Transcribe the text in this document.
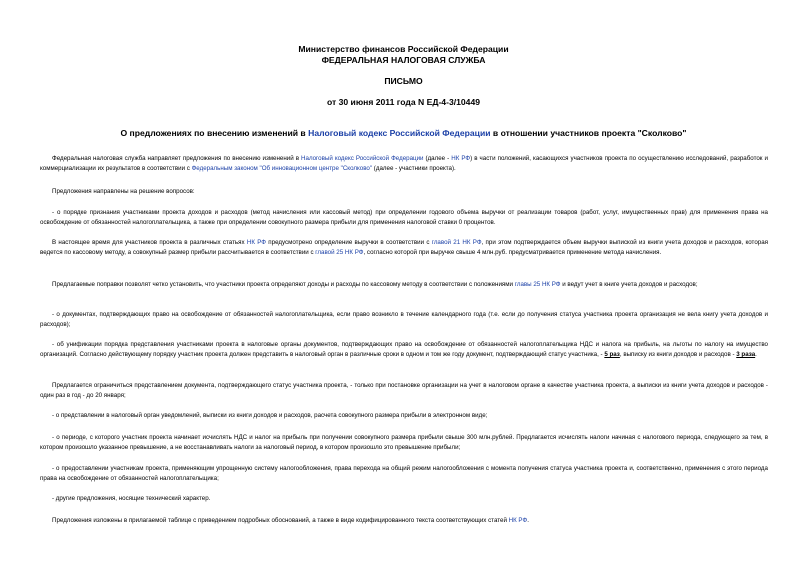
Министерство финансов Российской Федерации
ФЕДЕРАЛЬНАЯ НАЛОГОВАЯ СЛУЖБА
ПИСЬМО
от 30 июня 2011 года N ЕД-4-3/10449
О предложениях по внесению изменений в Налоговый кодекс Российской Федерации в отношении участников проекта "Сколково"
Федеральная налоговая служба направляет предложения по внесению изменений в Налоговый кодекс Российской Федерации (далее - НК РФ) в части положений, касающихся участников проекта по осуществлению исследований, разработок и коммерциализации их результатов в соответствии с Федеральным законом "Об инновационном центре "Сколково" (далее - участники проекта).
Предложения направлены на решение вопросов:
- о порядке признания участниками проекта доходов и расходов (метод начисления или кассовый метод) при определении годового объема выручки от реализации товаров (работ, услуг, имущественных прав) для применения права на освобождение от обязанностей налогоплательщика, а также при определении совокупного размера прибыли для применения налоговой ставки 0 процентов.
В настоящее время для участников проекта в различных статьях НК РФ предусмотрено определение выручки в соответствии с главой 21 НК РФ, при этом подтверждается объем выручки выпиской из книги учета доходов и расходов, которая ведется по кассовому методу, а совокупный размер прибыли рассчитывается в соответствии с главой 25 НК РФ, согласно которой при выручке свыше 4 млн.руб. предусматривается применение метода начисления.
Предлагаемые поправки позволят четко установить, что участники проекта определяют доходы и расходы по кассовому методу в соответствии с положениями главы 25 НК РФ и ведут учет в книге учета доходов и расходов;
- о документах, подтверждающих право на освобождение от обязанностей налогоплательщика, если право возникло в течение календарного года (т.е. если до получения статуса участника проекта организация не вела книгу учета доходов и расходов);
- об унификации порядка представления участниками проекта в налоговые органы документов, подтверждающих право на освобождение от обязанностей налогоплательщика НДС и налога на прибыль, на льготы по налогу на имущество организаций. Согласно действующему порядку участник проекта должен представить в налоговый орган в различные сроки в одном и том же году документ, подтверждающий статус участника, - 5 раз, выписку из книги доходов и расходов - 3 раза.
Предлагается ограничиться представлением документа, подтверждающего статус участника проекта, - только при постановке организации на учет в налоговом органе в качестве участника проекта, а выписки из книги учета доходов и расходов - один раз в год - до 20 января;
- о представлении в налоговый орган уведомлений, выписки из книги доходов и расходов, расчета совокупного размера прибыли в электронном виде;
- о периоде, с которого участник проекта начинает исчислять НДС и налог на прибыль при получении совокупного размера прибыли свыше 300 млн.рублей. Предлагается исчислять налоги начиная с налогового периода, следующего за тем, в котором произошло указанное превышение, а не восстанавливать налоги за налоговый период, в котором произошло это превышение прибыли;
- о предоставлении участникам проекта, применяющим упрощенную систему налогообложения, права перехода на общий режим налогообложения с момента получения статуса участника проекта и, соответственно, применения с этого периода права на освобождение от обязанностей налогоплательщика;
- другие предложения, носящие технический характер.
Предложения изложены в прилагаемой таблице с приведением подробных обоснований, а также в виде кодифицированного текста соответствующих статей НК РФ.
